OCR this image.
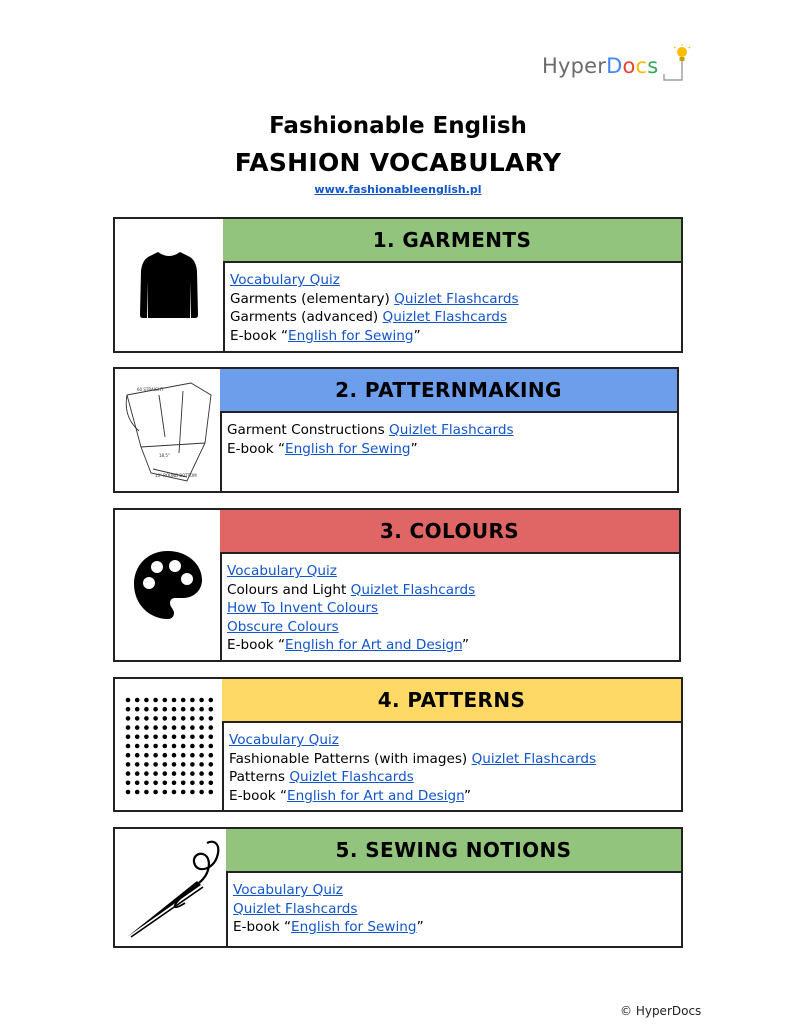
HyperDocs
Fashionable English
FASHION VOCABULARY
www.fashionableenglish.pl
1. GARMENTS
Vocabulary Quiz
Garments (elementary) Quizlet Flashcards
Garments (advanced) Quizlet Flashcards
E-book “English for Sewing”
60 STRAIGHT
18.5"
13" ROUND BOTTOM
2. PATTERNMAKING
Garment Constructions Quizlet Flashcards
E-book “English for Sewing”
3. COLOURS
Vocabulary Quiz
Colours and Light Quizlet Flashcards
How To Invent Colours
Obscure Colours
E-book “English for Art and Design”
4. PATTERNS
Vocabulary Quiz
Fashionable Patterns (with images) Quizlet Flashcards
Patterns Quizlet Flashcards
E-book “English for Art and Design”
5. SEWING NOTIONS
Vocabulary Quiz
Quizlet Flashcards
E-book “English for Sewing”
© HyperDocs
